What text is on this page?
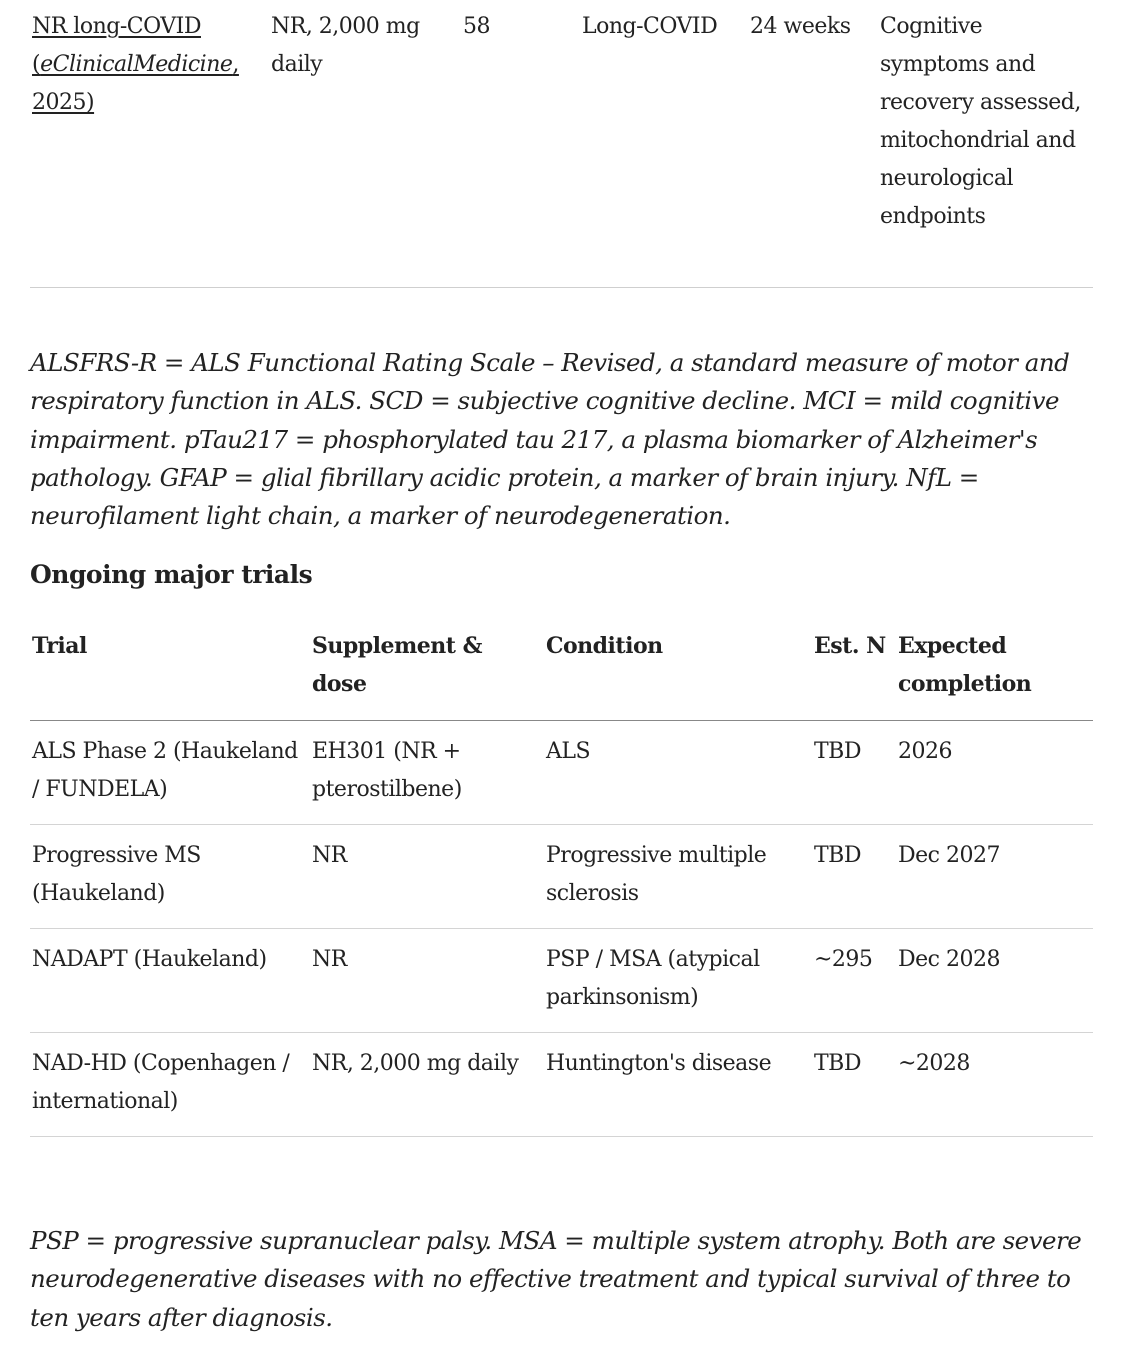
NR long-COVID (eClinicalMedicine, 2025)	NR, 2,000 mg daily	58	Long-COVID	24 weeks	Cognitive symptoms and recovery assessed, mitochondrial and neurological endpoints

ALSFRS-R = ALS Functional Rating Scale – Revised, a standard measure of motor and respiratory function in ALS. SCD = subjective cognitive decline. MCI = mild cognitive impairment. pTau217 = phosphorylated tau 217, a plasma biomarker of Alzheimer's pathology. GFAP = glial fibrillary acidic protein, a marker of brain injury. NfL = neurofilament light chain, a marker of neurodegeneration.

Ongoing major trials
Trial	Supplement & dose	Condition	Est. N	Expected completion
ALS Phase 2 (Haukeland / FUNDELA)	EH301 (NR + pterostilbene)	ALS	TBD	2026
Progressive MS (Haukeland)	NR	Progressive multiple sclerosis	TBD	Dec 2027
NADAPT (Haukeland)	NR	PSP / MSA (atypical parkinsonism)	~295	Dec 2028
NAD-HD (Copenhagen / international)	NR, 2,000 mg daily	Huntington's disease	TBD	~2028

PSP = progressive supranuclear palsy. MSA = multiple system atrophy. Both are severe neurodegenerative diseases with no effective treatment and typical survival of three to ten years after diagnosis.
